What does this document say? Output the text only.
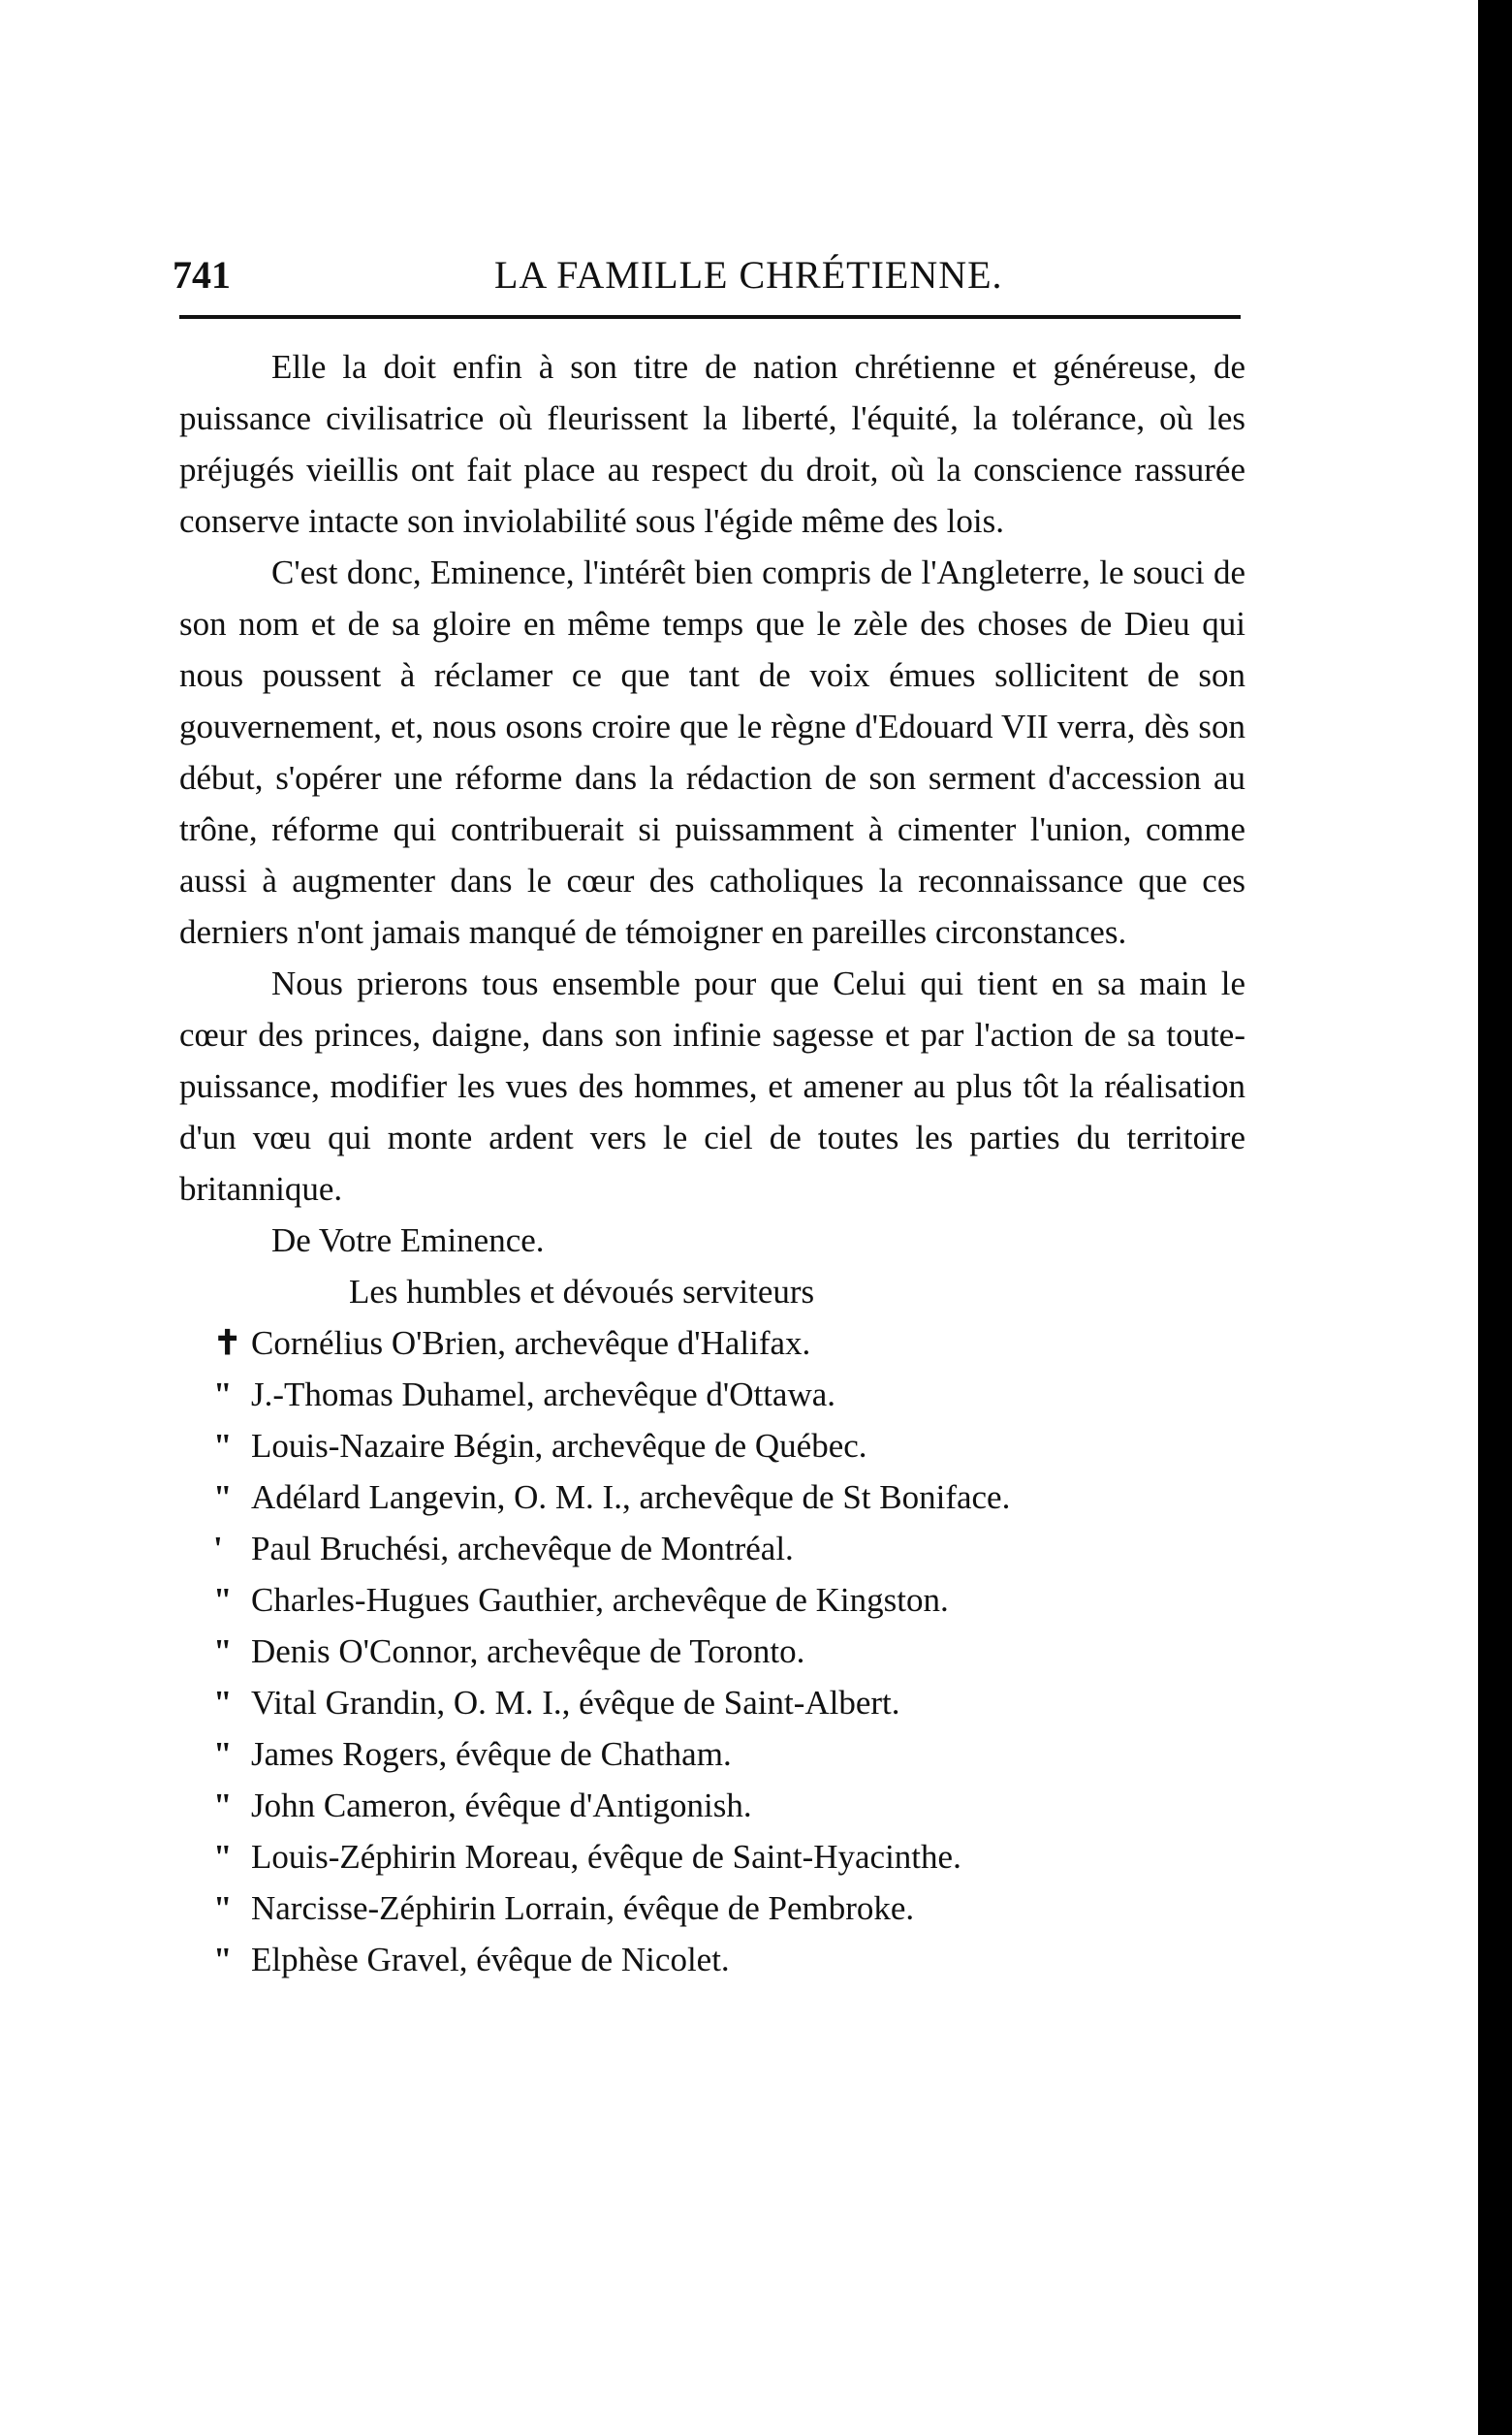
741	LA FAMILLE CHRÉTIENNE.

Elle la doit enfin à son titre de nation chrétienne et généreuse, de puissance civilisatrice où fleurissent la liberté, l'équité, la tolérance, où les préjugés vieillis ont fait place au respect du droit, où la conscience rassurée conserve intacte son inviolabilité sous l'égide même des lois.

C'est donc, Eminence, l'intérêt bien compris de l'Angleterre, le souci de son nom et de sa gloire en même temps que le zèle des choses de Dieu qui nous poussent à réclamer ce que tant de voix émues sollicitent de son gouvernement, et, nous osons croire que le règne d'Edouard VII verra, dès son début, s'opérer une réforme dans la rédaction de son serment d'accession au trône, réforme qui contribuerait si puissamment à cimenter l'union, comme aussi à augmenter dans le cœur des catholiques la reconnaissance que ces derniers n'ont jamais manqué de témoigner en pareilles circonstances.

Nous prierons tous ensemble pour que Celui qui tient en sa main le cœur des princes, daigne, dans son infinie sagesse et par l'action de sa toute-puissance, modifier les vues des hommes, et amener au plus tôt la réalisation d'un vœu qui monte ardent vers le ciel de toutes les parties du territoire britannique.

De Votre Eminence.

Les humbles et dévoués serviteurs

✝ Cornélius O'Brien, archevêque d'Halifax.
" J.-Thomas Duhamel, archevêque d'Ottawa.
" Louis-Nazaire Bégin, archevêque de Québec.
" Adélard Langevin, O. M. I., archevêque de St Boniface.
' Paul Bruchési, archevêque de Montréal.
" Charles-Hugues Gauthier, archevêque de Kingston.
" Denis O'Connor, archevêque de Toronto.
" Vital Grandin, O. M. I., évêque de Saint-Albert.
" James Rogers, évêque de Chatham.
" John Cameron, évêque d'Antigonish.
" Louis-Zéphirin Moreau, évêque de Saint-Hyacinthe.
" Narcisse-Zéphirin Lorrain, évêque de Pembroke.
" Elphèse Gravel, évêque de Nicolet.
